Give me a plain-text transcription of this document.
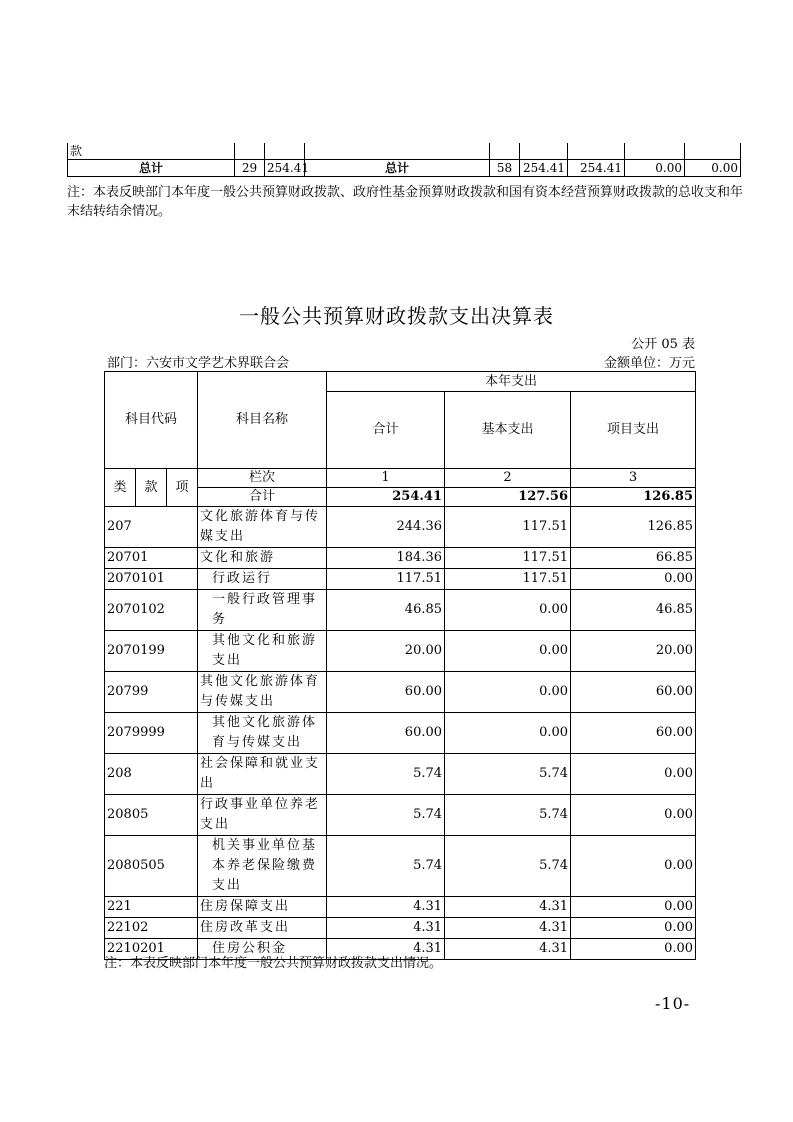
款								
总计	29	254.41	总计	58	254.41	254.41	0.00	0.00
注：本表反映部门本年度一般公共预算财政拨款、政府性基金预算财政拨款和国有资本经营预算财政拨款的总收支和年末结转结余情况。
一般公共预算财政拨款支出决算表
公开 05 表
部门：六安市文学艺术界联合会	金额单位：万元
科目代码			科目名称	本年支出		
				合计	基本支出	项目支出
类	款	项	栏次	1	2	3
			合计	254.41	127.56	126.85
207			文化旅游体育与传媒支出	244.36	117.51	126.85
20701			文化和旅游	184.36	117.51	66.85
2070101			行政运行	117.51	117.51	0.00
2070102			一般行政管理事务	46.85	0.00	46.85
2070199			其他文化和旅游支出	20.00	0.00	20.00
20799			其他文化旅游体育与传媒支出	60.00	0.00	60.00
2079999			其他文化旅游体育与传媒支出	60.00	0.00	60.00
208			社会保障和就业支出	5.74	5.74	0.00
20805			行政事业单位养老支出	5.74	5.74	0.00
2080505			机关事业单位基本养老保险缴费支出	5.74	5.74	0.00
221			住房保障支出	4.31	4.31	0.00
22102			住房改革支出	4.31	4.31	0.00
2210201			住房公积金	4.31	4.31	0.00
注：本表反映部门本年度一般公共预算财政拨款支出情况。
-10-
